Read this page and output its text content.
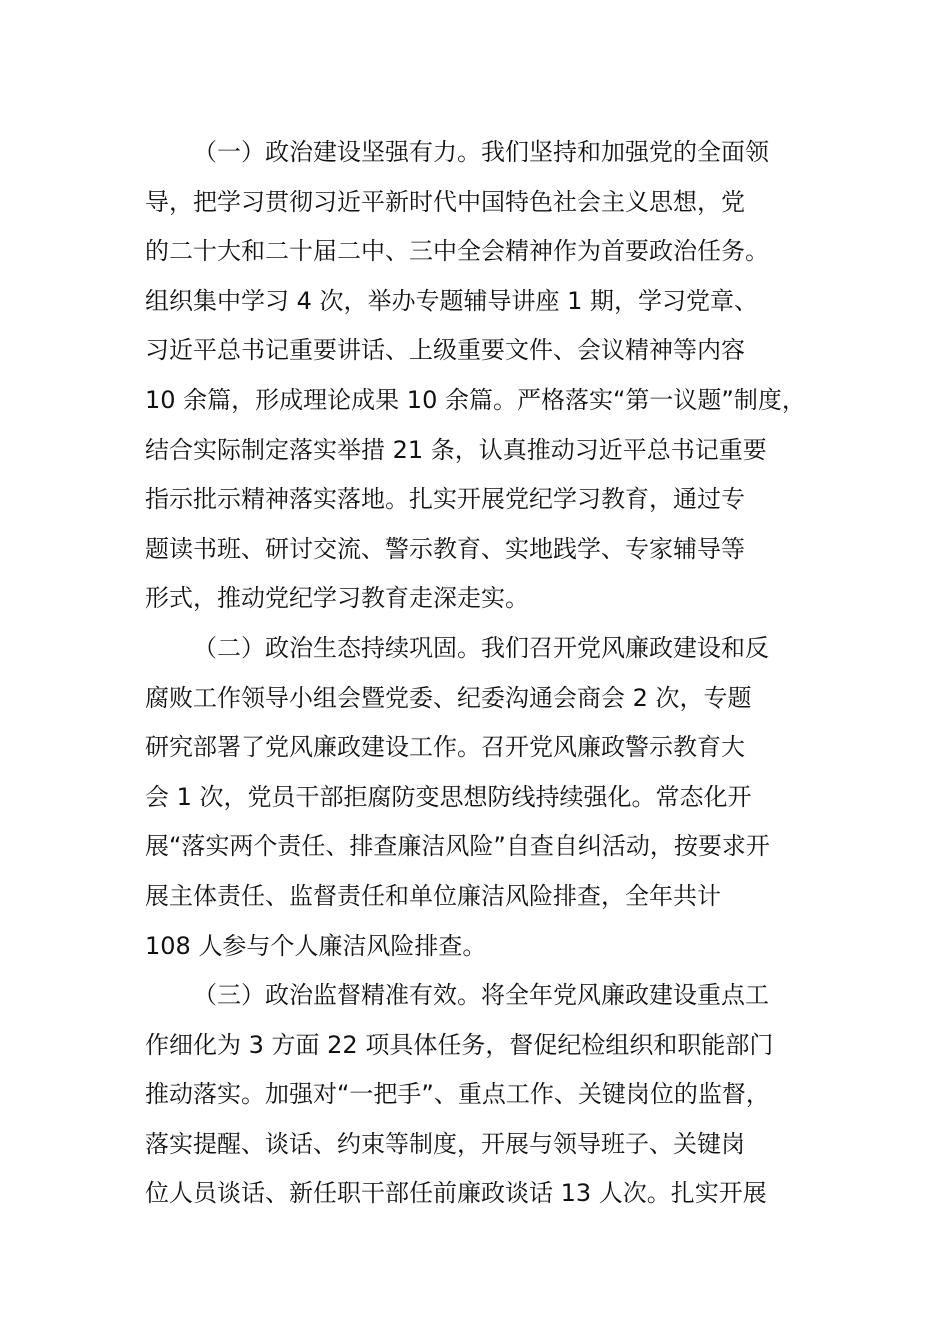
（一）政治建设坚强有力。我们坚持和加强党的全面领
导，把学习贯彻习近平新时代中国特色社会主义思想，党
的二十大和二十届二中、三中全会精神作为首要政治任务。
组织集中学习 4 次，举办专题辅导讲座 1 期，学习党章、
习近平总书记重要讲话、上级重要文件、会议精神等内容
10 余篇，形成理论成果 10 余篇。严格落实“第一议题”制度，
结合实际制定落实举措 21 条，认真推动习近平总书记重要
指示批示精神落实落地。扎实开展党纪学习教育，通过专
题读书班、研讨交流、警示教育、实地践学、专家辅导等
形式，推动党纪学习教育走深走实。
（二）政治生态持续巩固。我们召开党风廉政建设和反
腐败工作领导小组会暨党委、纪委沟通会商会 2 次，专题
研究部署了党风廉政建设工作。召开党风廉政警示教育大
会 1 次，党员干部拒腐防变思想防线持续强化。常态化开
展“落实两个责任、排查廉洁风险”自查自纠活动，按要求开
展主体责任、监督责任和单位廉洁风险排查，全年共计
108 人参与个人廉洁风险排查。
（三）政治监督精准有效。将全年党风廉政建设重点工
作细化为 3 方面 22 项具体任务，督促纪检组织和职能部门
推动落实。加强对“一把手”、重点工作、关键岗位的监督，
落实提醒、谈话、约束等制度，开展与领导班子、关键岗
位人员谈话、新任职干部任前廉政谈话 13 人次。扎实开展
